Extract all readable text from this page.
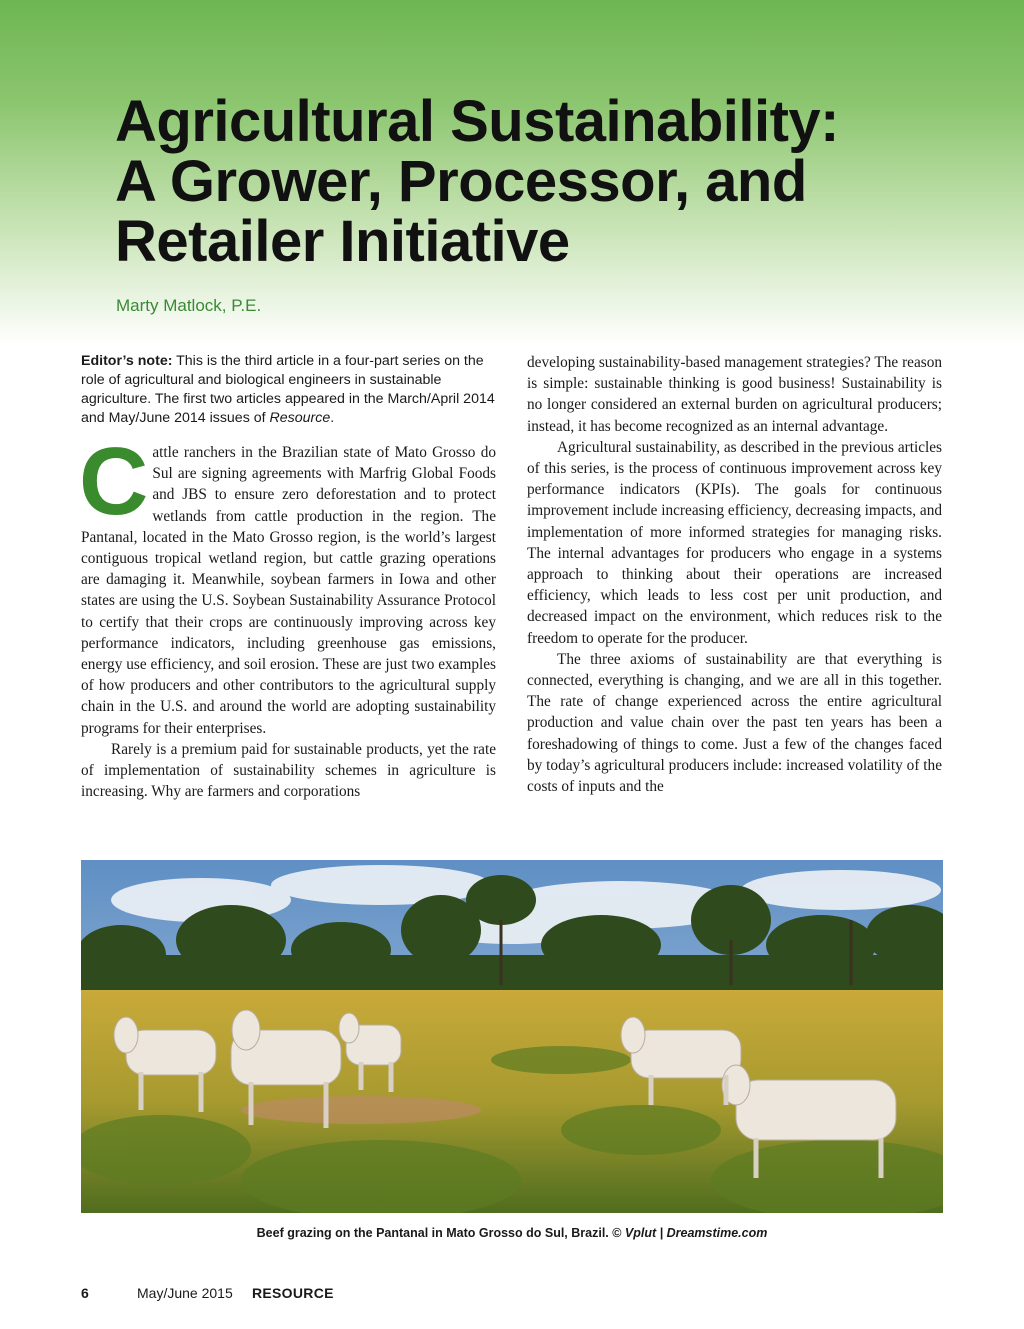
Agricultural Sustainability:
A Grower, Processor, and
Retailer Initiative
Marty Matlock, P.E.

Editor’s note: This is the third article in a four-part series on the role of agricultural and biological engineers in sustainable agriculture. The first two articles appeared in the March/April 2014 and May/June 2014 issues of Resource.

Cattle ranchers in the Brazilian state of Mato Grosso do Sul are signing agreements with Marfrig Global Foods and JBS to ensure zero deforestation and to protect wetlands from cattle production in the region. The Pantanal, located in the Mato Grosso region, is the world’s largest contiguous tropical wetland region, but cattle grazing operations are damaging it. Meanwhile, soybean farmers in Iowa and other states are using the U.S. Soybean Sustainability Assurance Protocol to certify that their crops are continuously improving across key performance indicators, including greenhouse gas emissions, energy use efficiency, and soil erosion. These are just two examples of how producers and other contributors to the agricultural supply chain in the U.S. and around the world are adopting sustainability programs for their enterprises.

Rarely is a premium paid for sustainable products, yet the rate of implementation of sustainability schemes in agriculture is increasing. Why are farmers and corporations

developing sustainability-based management strategies? The reason is simple: sustainable thinking is good business! Sustainability is no longer considered an external burden on agricultural producers; instead, it has become recognized as an internal advantage.

Agricultural sustainability, as described in the previous articles of this series, is the process of continuous improvement across key performance indicators (KPIs). The goals for continuous improvement include increasing efficiency, decreasing impacts, and implementation of more informed strategies for managing risks. The internal advantages for producers who engage in a systems approach to thinking about their operations are increased efficiency, which leads to less cost per unit production, and decreased impact on the environment, which reduces risk to the freedom to operate for the producer.

The three axioms of sustainability are that everything is connected, everything is changing, and we are all in this together. The rate of change experienced across the entire agricultural production and value chain over the past ten years has been a foreshadowing of things to come. Just a few of the changes faced by today’s agricultural producers include: increased volatility of the costs of inputs and the

Beef grazing on the Pantanal in Mato Grosso do Sul, Brazil. © Vplut | Dreamstime.com
6	May/June 2015 RESOURCE
